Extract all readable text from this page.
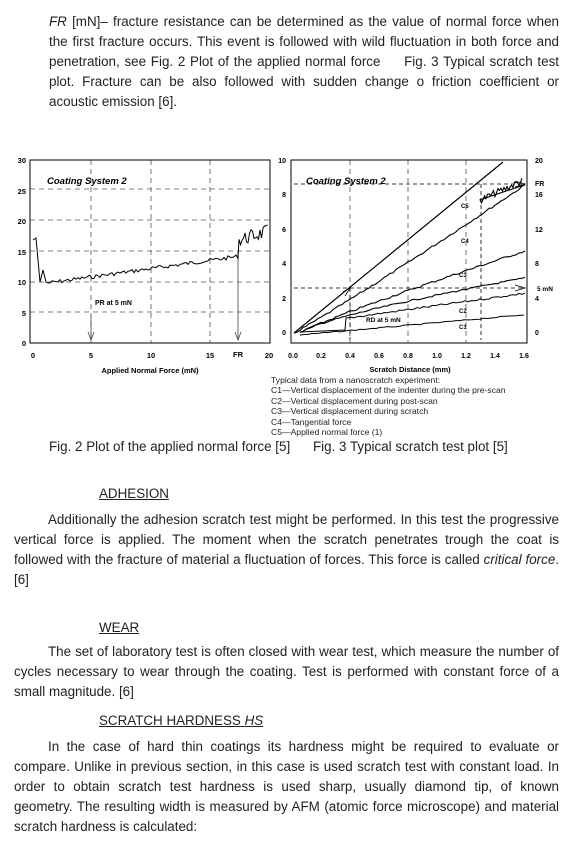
FR [mN]– fracture resistance can be determined as the value of normal force when the first fracture occurs. This event is followed with wild fluctuation in both force and penetration, see Fig. 2 Plot of the applied normal force     Fig. 3 Typical scratch test plot. Fracture can be also followed with sudden change o friction coefficient or acoustic emission [6].
30
25
20
15
10
5
0
0	5	10	15	FR	20
Coating System 2
PR at 5 mN
Applied Normal Force (mN)
10
8
6
4
2
0
20
16
12
8
4
0
FR
5 mN
0.0	0.2	0.4	0.6	0.8	1.0	1.2	1.4	1.6
Coating System 2
Scratch Distance (mm)
RD at 5 mN
C5
C4
C3
C2
C1
Typical data from a nanoscratch experiment:
C1—Vertical displacement of the indenter during the pre-scan
C2—Vertical displacement during post-scan
C3—Vertical displacement during scratch
C4—Tangential force
C5—Applied normal force (1)
Fig. 2 Plot of the applied normal force [5] Fig. 3 Typical scratch test plot [5]
ADHESION
Additionally the adhesion scratch test might be performed. In this test the progressive vertical force is applied. The moment when the scratch penetrates trough the coat is followed with the fracture of material a fluctuation of forces. This force is called critical force. [6]
WEAR
The set of laboratory test is often closed with wear test, which measure the number of cycles necessary to wear through the coating. Test is performed with constant force of a small magnitude. [6]
SCRATCH HARDNESS HS
In the case of hard thin coatings its hardness might be required to evaluate or compare. Unlike in previous section, in this case is used scratch test with constant load. In order to obtain scratch test hardness is used sharp, usually diamond tip, of known geometry. The resulting width is measured by AFM (atomic force microscope) and material scratch hardness is calculated:
